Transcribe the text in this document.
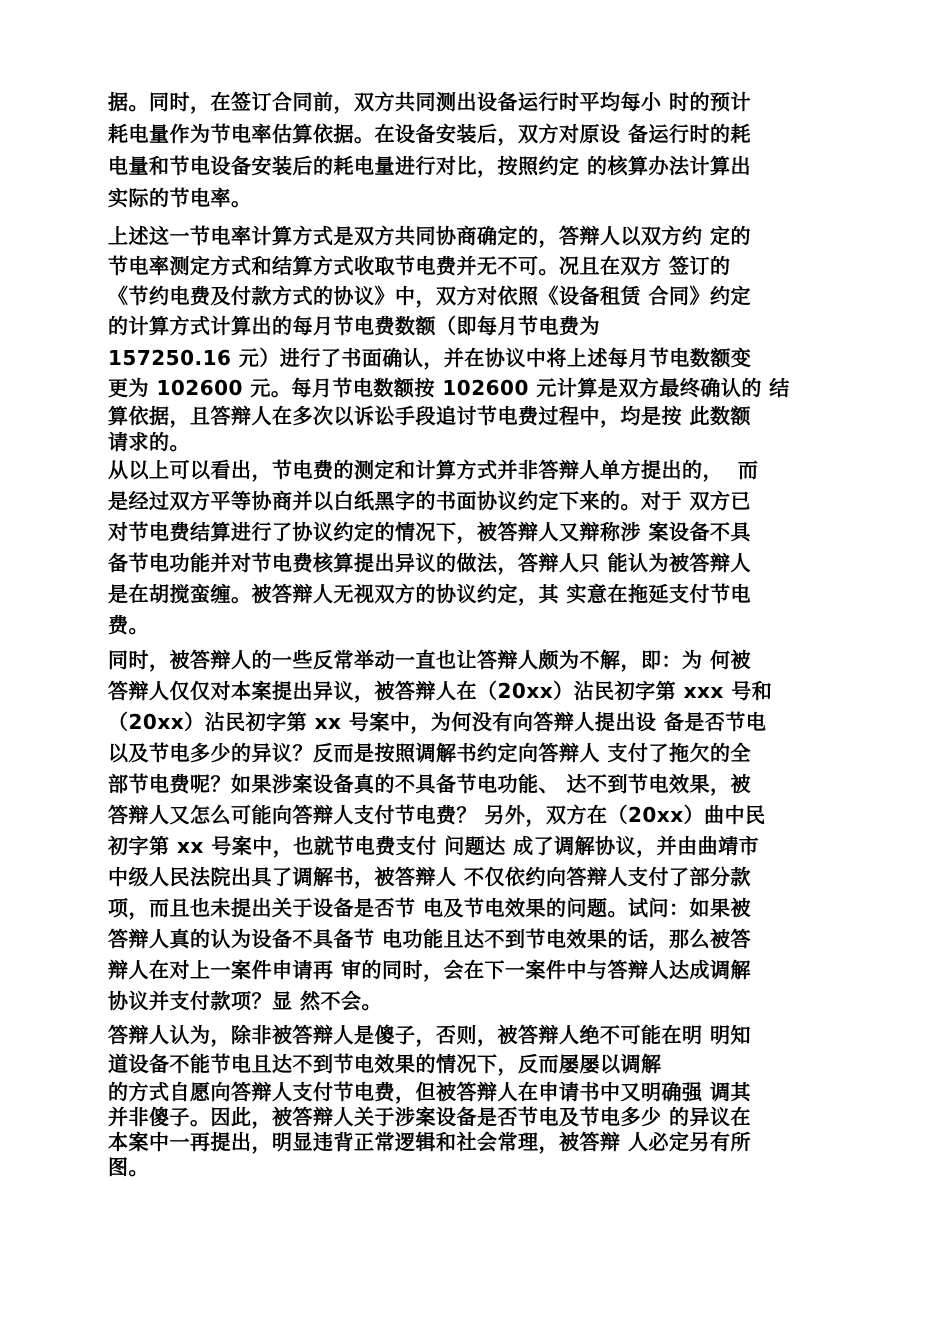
据。同时，在签订合同前，双方共同测出设备运行时平均每小 时的预计
耗电量作为节电率估算依据。在设备安装后，双方对原设 备运行时的耗
电量和节电设备安装后的耗电量进行对比，按照约定 的核算办法计算出
实际的节电率。
上述这一节电率计算方式是双方共同协商确定的，答辩人以双方约 定的
节电率测定方式和结算方式收取节电费并无不可。况且在双方 签订的
《节约电费及付款方式的协议》中，双方对依照《设备租赁 合同》约定
的计算方式计算出的每月节电费数额（即每月节电费为
157250.16 元）进行了书面确认，并在协议中将上述每月节电数额变
更为 102600 元。每月节电数额按 102600 元计算是双方最终确认的 结
算依据，且答辩人在多次以诉讼手段追讨节电费过程中，均是按 此数额
请求的。
从以上可以看出，节电费的测定和计算方式并非答辩人单方提出的，  而
是经过双方平等协商并以白纸黑字的书面协议约定下来的。对于 双方已
对节电费结算进行了协议约定的情况下，被答辩人又辩称涉 案设备不具
备节电功能并对节电费核算提出异议的做法，答辩人只 能认为被答辩人
是在胡搅蛮缠。被答辩人无视双方的协议约定，其 实意在拖延支付节电
费。
同时，被答辩人的一些反常举动一直也让答辩人颇为不解，即：为 何被
答辩人仅仅对本案提出异议，被答辩人在（20xx）沾民初字第 xxx 号和
（20xx）沾民初字第 xx 号案中，为何没有向答辩人提出设 备是否节电
以及节电多少的异议？反而是按照调解书约定向答辩人 支付了拖欠的全
部节电费呢？如果涉案设备真的不具备节电功能、 达不到节电效果，被
答辩人又怎么可能向答辩人支付节电费？ 另外，双方在（20xx）曲中民
初字第 xx 号案中，也就节电费支付 问题达 成了调解协议，并由曲靖市
中级人民法院出具了调解书，被答辩人 不仅依约向答辩人支付了部分款
项，而且也未提出关于设备是否节 电及节电效果的问题。试问：如果被
答辩人真的认为设备不具备节 电功能且达不到节电效果的话，那么被答
辩人在对上一案件申请再 审的同时，会在下一案件中与答辩人达成调解
协议并支付款项？显 然不会。
答辩人认为，除非被答辩人是傻子，否则，被答辩人绝不可能在明 明知
道设备不能节电且达不到节电效果的情况下，反而屡屡以调解
的方式自愿向答辩人支付节电费，但被答辩人在申请书中又明确强 调其
并非傻子。因此，被答辩人关于涉案设备是否节电及节电多少 的异议在
本案中一再提出，明显违背正常逻辑和社会常理，被答辩 人必定另有所
图。
